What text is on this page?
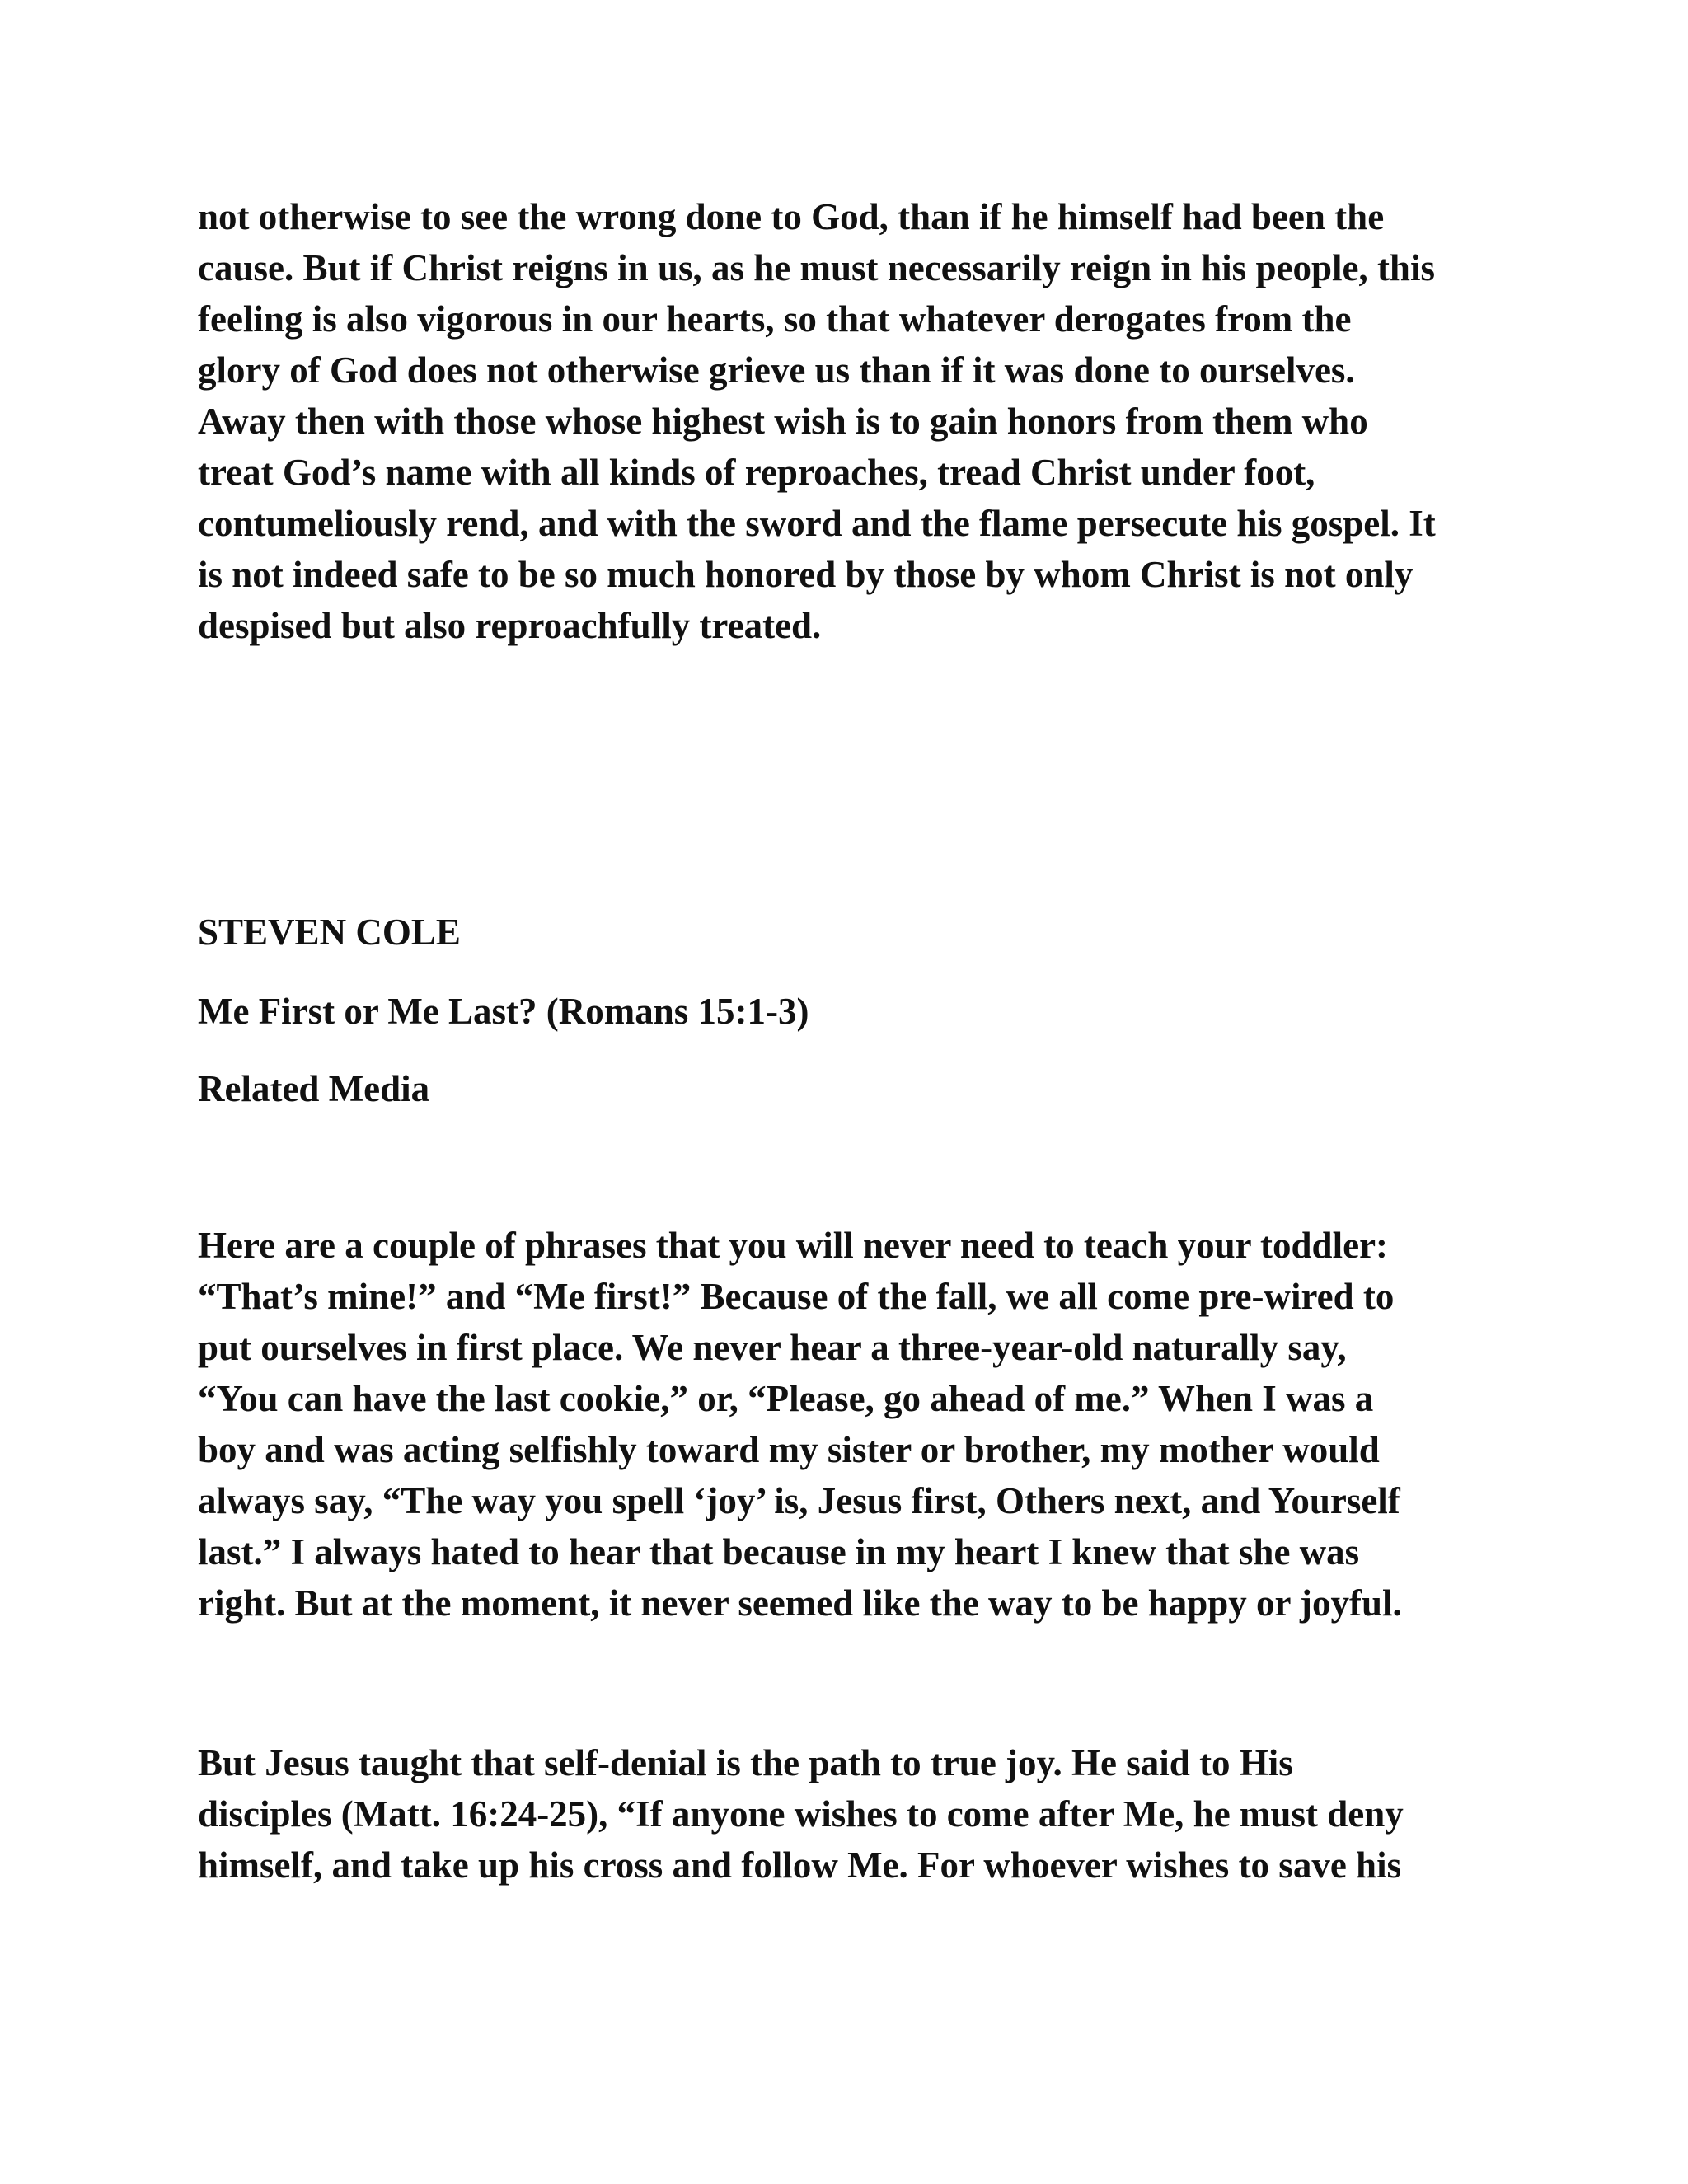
not otherwise to see the wrong done to God, than if he himself had been the

cause. But if Christ reigns in us, as he must necessarily reign in his people, this

feeling is also vigorous in our hearts, so that whatever derogates from the

glory of God does not otherwise grieve us than if it was done to ourselves.

Away then with those whose highest wish is to gain honors from them who

treat God’s name with all kinds of reproaches, tread Christ under foot,

contumeliously rend, and with the sword and the flame persecute his gospel. It

is not indeed safe to be so much honored by those by whom Christ is not only

despised but also reproachfully treated.

STEVEN COLE
Me First or Me Last? (Romans 15:1-3)
Related Media

Here are a couple of phrases that you will never need to teach your toddler:

“That’s mine!” and “Me first!” Because of the fall, we all come pre-wired to

put ourselves in first place. We never hear a three-year-old naturally say,

“You can have the last cookie,” or, “Please, go ahead of me.” When I was a

boy and was acting selfishly toward my sister or brother, my mother would

always say, “The way you spell ‘joy’ is, Jesus first, Others next, and Yourself

last.” I always hated to hear that because in my heart I knew that she was

right. But at the moment, it never seemed like the way to be happy or joyful.

But Jesus taught that self-denial is the path to true joy. He said to His

disciples (Matt. 16:24-25), “If anyone wishes to come after Me, he must deny

himself, and take up his cross and follow Me. For whoever wishes to save his
